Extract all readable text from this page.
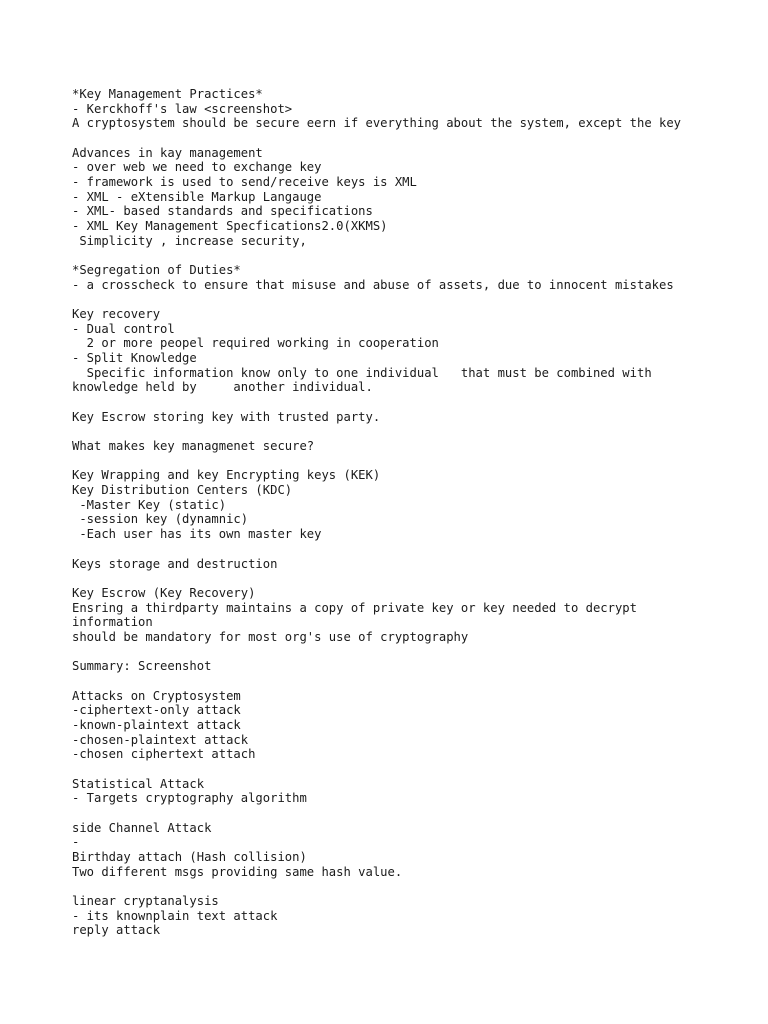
*Key Management Practices*
- Kerckhoff's law <screenshot>
A cryptosystem should be secure eern if everything about the system, except the key
Advances in kay management
- over web we need to exchange key
- framework is used to send/receive keys is XML
- XML - eXtensible Markup Langauge
- XML- based standards and specifications
- XML Key Management Specfications2.0(XKMS)
Simplicity , increase security,
*Segregation of Duties*
- a crosscheck to ensure that misuse and abuse of assets, due to innocent mistakes
Key recovery
- Dual control
2 or more peopel required working in cooperation
- Split Knowledge
Specific information know only to one individual   that must be combined with
knowledge held by     another individual.
Key Escrow storing key with trusted party.
What makes key managmenet secure?
Key Wrapping and key Encrypting keys (KEK)
Key Distribution Centers (KDC)
-Master Key (static)
-session key (dynamnic)
-Each user has its own master key
Keys storage and destruction
Key Escrow (Key Recovery)
Ensring a thirdparty maintains a copy of private key or key needed to decrypt
information
should be mandatory for most org's use of cryptography
Summary: Screenshot
Attacks on Cryptosystem
-ciphertext-only attack
-known-plaintext attack
-chosen-plaintext attack
-chosen ciphertext attach
Statistical Attack
- Targets cryptography algorithm
side Channel Attack
-
Birthday attach (Hash collision)
Two different msgs providing same hash value.
linear cryptanalysis
- its knownplain text attack
reply attack
